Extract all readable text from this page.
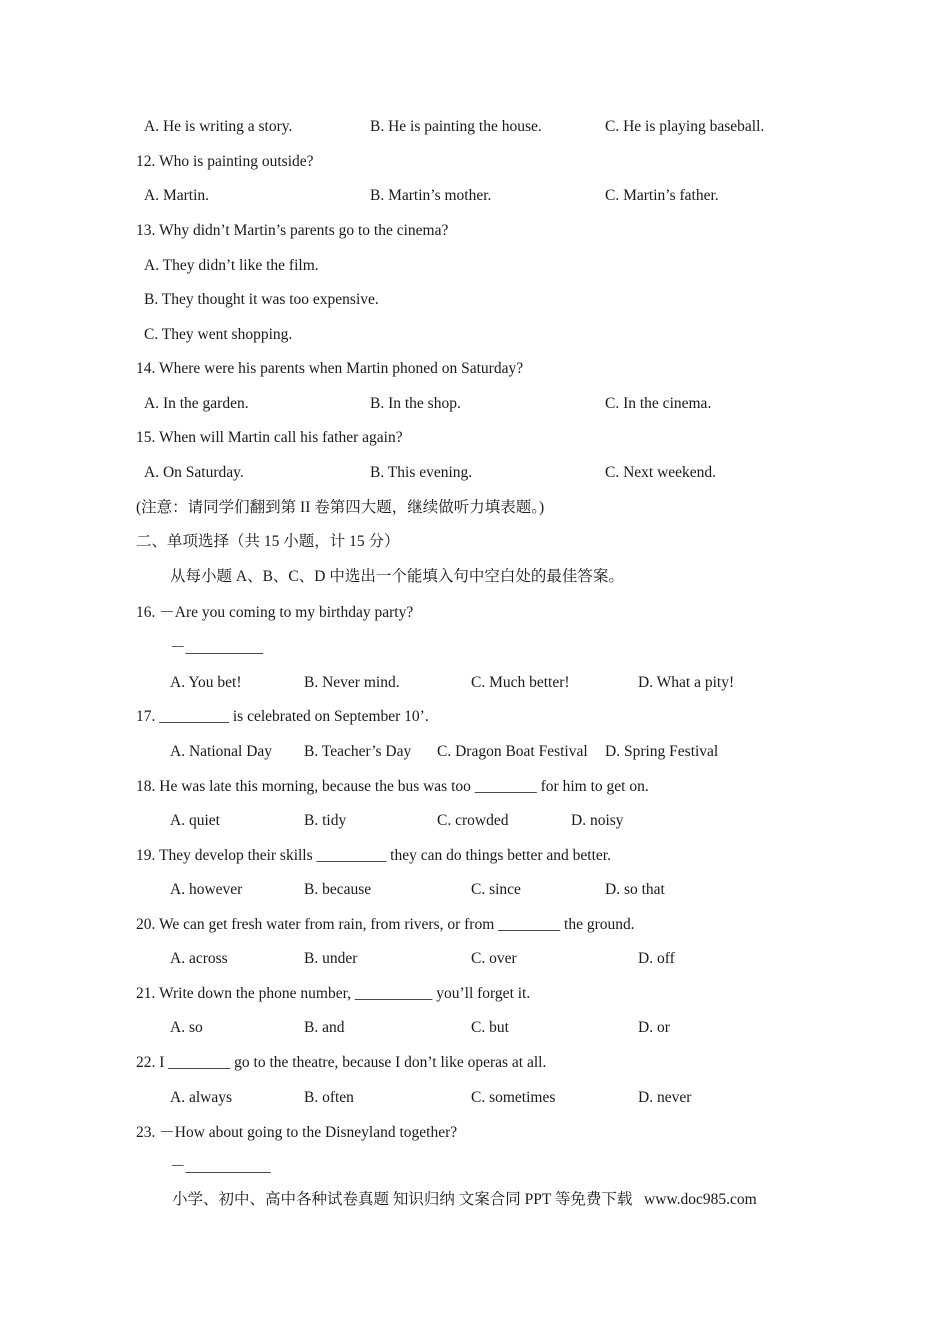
A. He is writing a story.

	B. He is painting the house.

	C. He is playing baseball.

12. Who is painting outside?

A. Martin.

	B. Martin’s mother.

	C. Martin’s father.

13. Why didn’t Martin’s parents go to the cinema?

A. They didn’t like the film.

B. They thought it was too expensive.

C. They went shopping.

14. Where were his parents when Martin phoned on Saturday?

A. In the garden.

	B. In the shop.

	C. In the cinema.

15. When will Martin call his father again?

A. On Saturday.

	B. This evening.

	C. Next weekend.

(注意：请同学们翻到第 II 卷第四大题，继续做听力填表题。)

二、单项选择（共 15 小题，计 15 分）

从每小题 A、B、C、D 中选出一个能填入句中空白处的最佳答案。

16. －Are you coming to my birthday party?

－__________

A. You bet!

	B. Never mind.

	C. Much better!

	D. What a pity!

17. _________ is celebrated on September 10’.

A. National Day

B. Teacher’s Day

C. Dragon Boat Festival

D. Spring Festival

18. He was late this morning, because the bus was too ________ for him to get on.

A. quiet

	B. tidy

	C. crowded

	D. noisy

19. They develop their skills _________ they can do things better and better.

A. however

	B. because

	C. since

	D. so that

20. We can get fresh water from rain, from rivers, or from ________ the ground.

A. across

	B. under

	C. over

	D. off

21. Write down the phone number, __________ you’ll forget it.

A. so

	B. and

	C. but

	D. or

22. I ________ go to the theatre, because I don’t like operas at all.

A. always

	B. often

	C. sometimes

	D. never

23. －How about going to the Disneyland together?

－___________

小学、初中、高中各种试卷真题 知识归纳 文案合同 PPT 等免费下载   www.doc985.com
